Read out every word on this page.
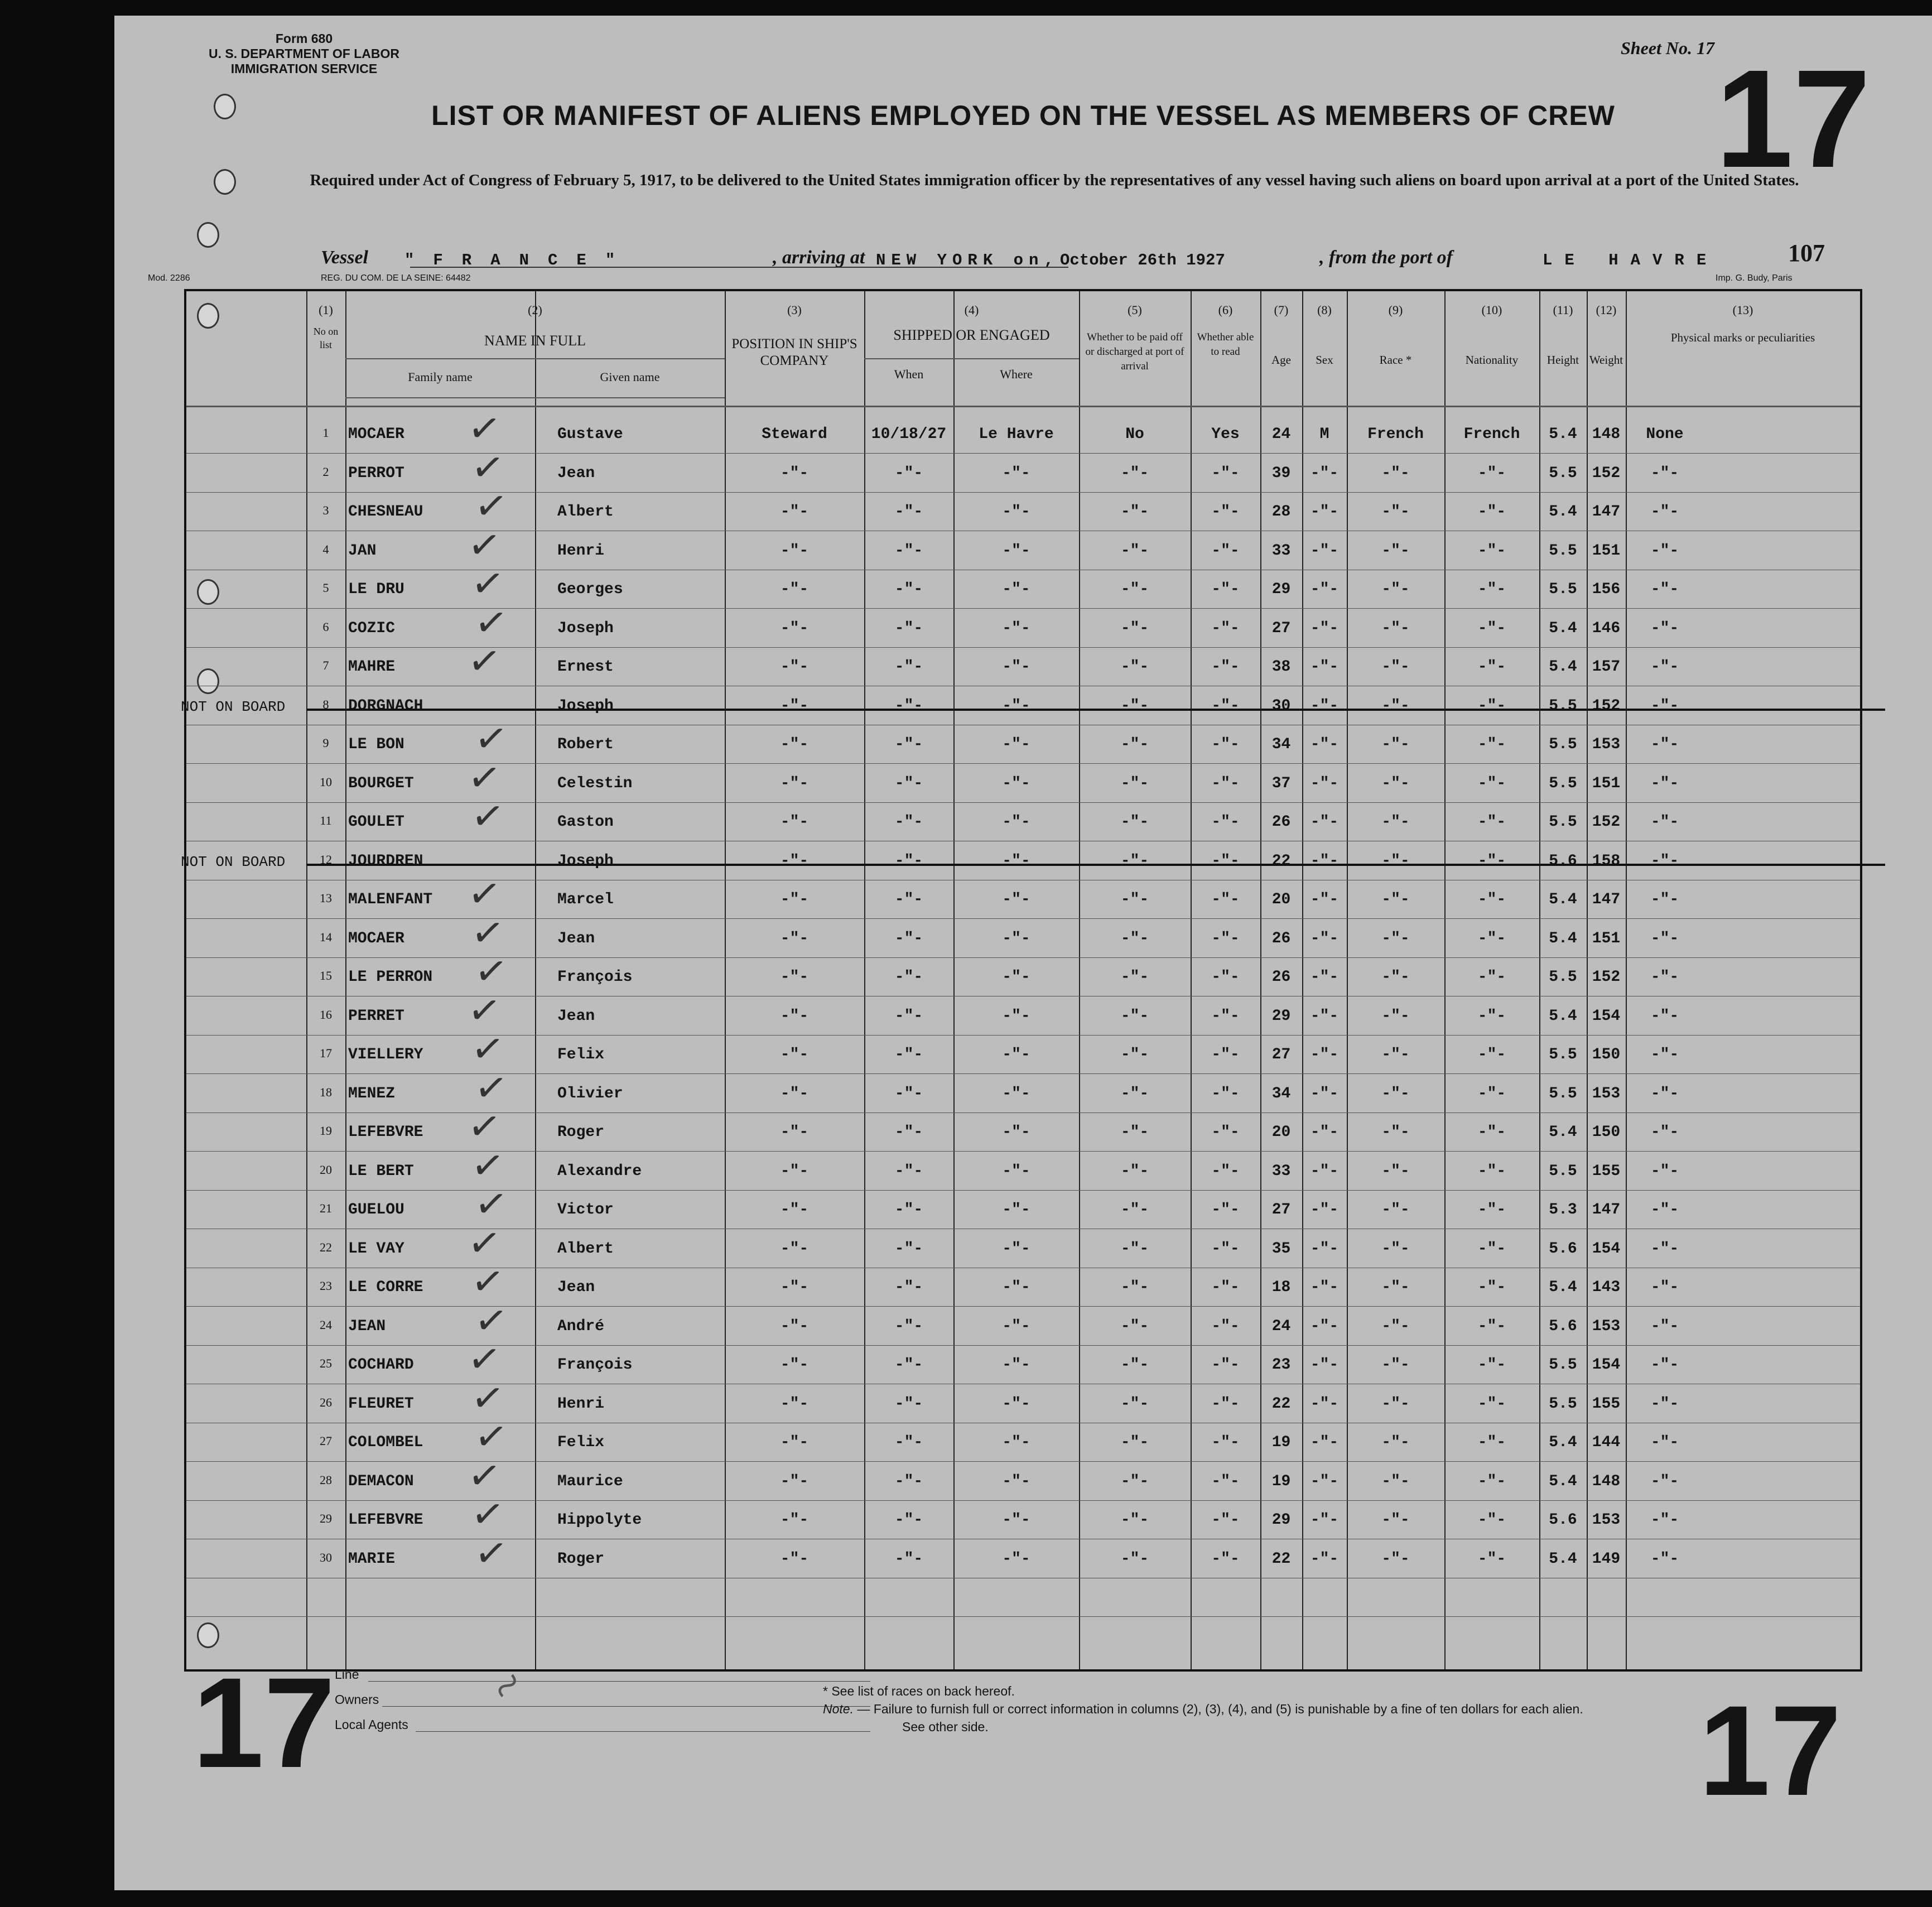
Form 680
U. S. DEPARTMENT OF LABOR
IMMIGRATION SERVICE
Sheet No. 17 17
LIST OR MANIFEST OF ALIENS EMPLOYED ON THE VESSEL AS MEMBERS OF CREW
Required under Act of Congress of February 5, 1917, to be delivered to the United States immigration officer by the representatives of any vessel having such aliens on board upon arrival at a port of the United States.
Vessel "FRANCE"	, arriving at NEW YORK on, October 26th 1927	, from the port of	LE HAVRE	107
Mod. 2286	REG. DU COM. DE LA SEINE: 64482	Imp. G. Budy, Paris
(1)
No on list
(2)
NAME IN FULL
Family name	Given name
(3)
POSITION IN SHIP'S COMPANY
(4)
SHIPPED OR ENGAGED
When	Where
(5)
Whether to be paid off or discharged at port of arrival
(6)
Whether able to read
(7)
Age
(8)
Sex
(9)
Race *
(10)
Nationality
(11)
Height
(12)
Weight
(13)
Physical marks or peculiarities
1	MOCAER	Gustave	Steward	10/18/27	Le Havre	No	Yes	24	M	French	French	5.4 148	None
✓
2	PERROT	Jean	-"-	-"-	-"-	-"-	-"-	39	-"-	-"-	-"-	5.5 152	-"-
✓
3	CHESNEAU	Albert	-"-	-"-	-"-	-"-	-"-	28	-"-	-"-	-"-	5.4 147	-"-
✓
4	JAN	Henri	-"-	-"-	-"-	-"-	-"-	33	-"-	-"-	-"-	5.5 151	-"-
✓
5	LE DRU	Georges	-"-	-"-	-"-	-"-	-"-	29	-"-	-"-	-"-	5.5 156	-"-
✓
6	COZIC	Joseph	-"-	-"-	-"-	-"-	-"-	27	-"-	-"-	-"-	5.4 146	-"-
✓
7	MAHRE	Ernest	-"-	-"-	-"-	-"-	-"-	38	-"-	-"-	-"-	5.4 157	-"-
✓
8	DORGNACH	Joseph	-"-	-"-	-"-	-"-	-"-	30	-"-	-"-	-"-	5.5 152	-"-
NOT ON BOARD
9	LE BON	Robert	-"-	-"-	-"-	-"-	-"-	34	-"-	-"-	-"-	5.5 153	-"-
✓
10	BOURGET	Celestin	-"-	-"-	-"-	-"-	-"-	37	-"-	-"-	-"-	5.5 151	-"-
✓
11	GOULET	Gaston	-"-	-"-	-"-	-"-	-"-	26	-"-	-"-	-"-	5.5 152	-"-
✓
12	JOURDREN	Joseph	-"-	-"-	-"-	-"-	-"-	22	-"-	-"-	-"-	5.6 158	-"-
NOT ON BOARD
13	MALENFANT	Marcel	-"-	-"-	-"-	-"-	-"-	20	-"-	-"-	-"-	5.4 147	-"-
✓
14	MOCAER	Jean	-"-	-"-	-"-	-"-	-"-	26	-"-	-"-	-"-	5.4 151	-"-
✓
15	LE PERRON	François	-"-	-"-	-"-	-"-	-"-	26	-"-	-"-	-"-	5.5 152	-"-
✓
16	PERRET	Jean	-"-	-"-	-"-	-"-	-"-	29	-"-	-"-	-"-	5.4 154	-"-
✓
17	VIELLERY	Felix	-"-	-"-	-"-	-"-	-"-	27	-"-	-"-	-"-	5.5 150	-"-
✓
18	MENEZ	Olivier	-"-	-"-	-"-	-"-	-"-	34	-"-	-"-	-"-	5.5 153	-"-
✓
19	LEFEBVRE	Roger	-"-	-"-	-"-	-"-	-"-	20	-"-	-"-	-"-	5.4 150	-"-
✓
20	LE BERT	Alexandre	-"-	-"-	-"-	-"-	-"-	33	-"-	-"-	-"-	5.5 155	-"-
✓
21	GUELOU	Victor	-"-	-"-	-"-	-"-	-"-	27	-"-	-"-	-"-	5.3 147	-"-
✓
22	LE VAY	Albert	-"-	-"-	-"-	-"-	-"-	35	-"-	-"-	-"-	5.6 154	-"-
✓
23	LE CORRE	Jean	-"-	-"-	-"-	-"-	-"-	18	-"-	-"-	-"-	5.4 143	-"-
✓
24	JEAN	André	-"-	-"-	-"-	-"-	-"-	24	-"-	-"-	-"-	5.6 153	-"-
✓
25	COCHARD	François	-"-	-"-	-"-	-"-	-"-	23	-"-	-"-	-"-	5.5 154	-"-
✓
26	FLEURET	Henri	-"-	-"-	-"-	-"-	-"-	22	-"-	-"-	-"-	5.5 155	-"-
✓
27	COLOMBEL	Felix	-"-	-"-	-"-	-"-	-"-	19	-"-	-"-	-"-	5.4 144	-"-
✓
28	DEMACON	Maurice	-"-	-"-	-"-	-"-	-"-	19	-"-	-"-	-"-	5.4 148	-"-
✓
29	LEFEBVRE	Hippolyte	-"-	-"-	-"-	-"-	-"-	29	-"-	-"-	-"-	5.6 153	-"-
✓
30	MARIE	Roger	-"-	-"-	-"-	-"-	-"-	22	-"-	-"-	-"-	5.4 149	-"-
✓
17	17
Line
Owners
Local Agents
* See list of races on back hereof.
Note. — Failure to furnish full or correct information in columns (2), (3), (4), and (5) is punishable by a fine of ten dollars for each alien.
See other side.
~
